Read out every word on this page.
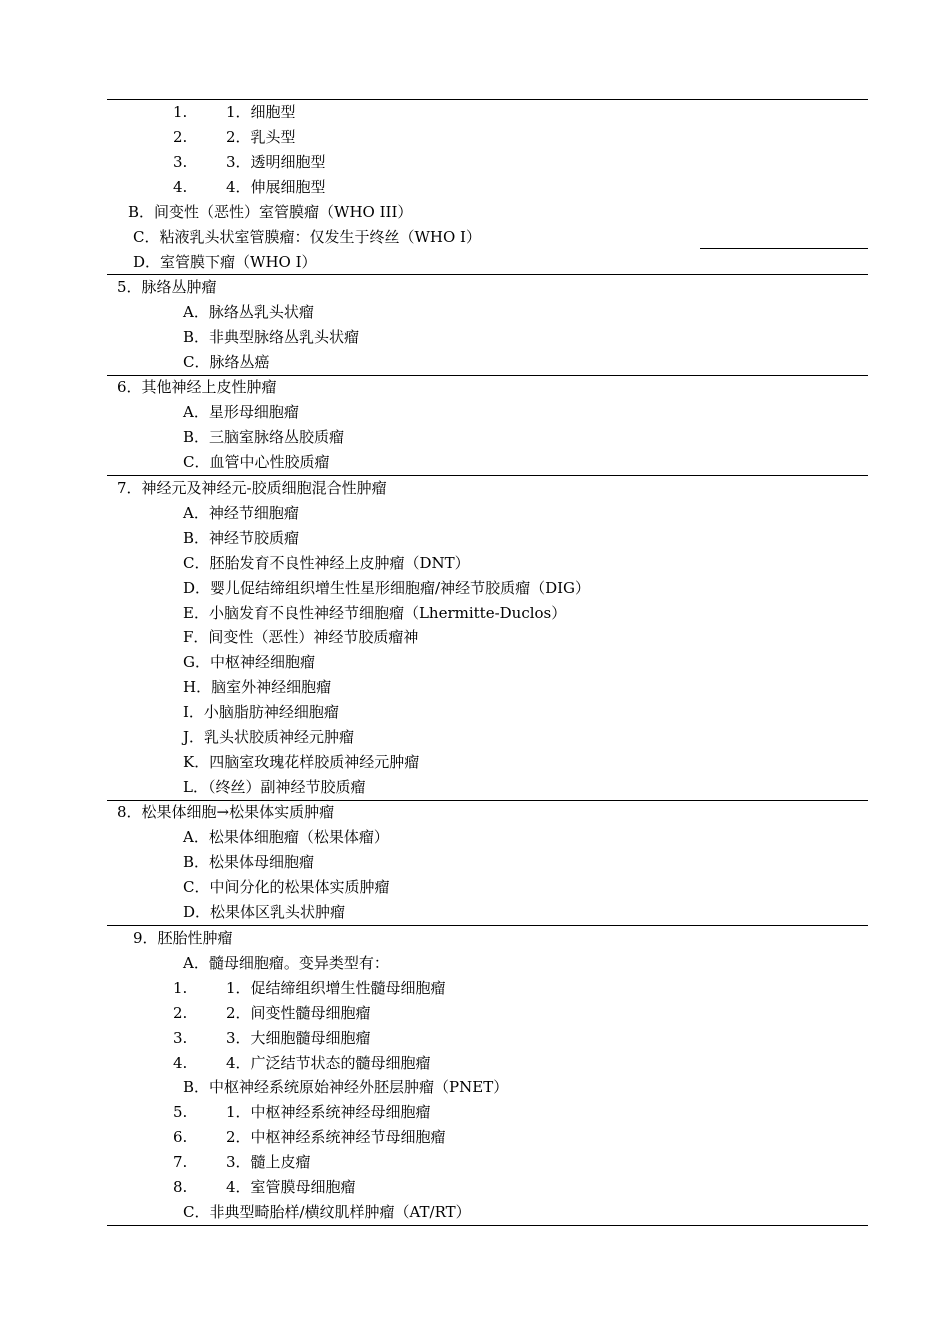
1.	1．细胞型
2.	2．乳头型
3.	3．透明细胞型
4.	4．伸展细胞型
B．间变性（恶性）室管膜瘤（WHO III）
C．粘液乳头状室管膜瘤：仅发生于终丝（WHO I）
D．室管膜下瘤（WHO I）
5．脉络丛肿瘤
A．脉络丛乳头状瘤
B．非典型脉络丛乳头状瘤
C．脉络丛癌
6．其他神经上皮性肿瘤
A．星形母细胞瘤
B．三脑室脉络丛胶质瘤
C．血管中心性胶质瘤
7．神经元及神经元-胶质细胞混合性肿瘤
A．神经节细胞瘤
B．神经节胶质瘤
C．胚胎发育不良性神经上皮肿瘤（DNT）
D．婴儿促结缔组织增生性星形细胞瘤/神经节胶质瘤（DIG）
E．小脑发育不良性神经节细胞瘤（Lhermitte-Duclos）
F．间变性（恶性）神经节胶质瘤神
G．中枢神经细胞瘤
H．脑室外神经细胞瘤
I．小脑脂肪神经细胞瘤
J．乳头状胶质神经元肿瘤
K．四脑室玫瑰花样胶质神经元肿瘤
L．（终丝）副神经节胶质瘤
8．松果体细胞→松果体实质肿瘤
A．松果体细胞瘤（松果体瘤）
B．松果体母细胞瘤
C．中间分化的松果体实质肿瘤
D．松果体区乳头状肿瘤
9．胚胎性肿瘤
A．髓母细胞瘤。变异类型有：
1.	1．促结缔组织增生性髓母细胞瘤
2.	2．间变性髓母细胞瘤
3.	3．大细胞髓母细胞瘤
4.	4．广泛结节状态的髓母细胞瘤
B．中枢神经系统原始神经外胚层肿瘤（PNET）
5.	1．中枢神经系统神经母细胞瘤
6.	2．中枢神经系统神经节母细胞瘤
7.	3．髓上皮瘤
8.	4．室管膜母细胞瘤
C．非典型畸胎样/横纹肌样肿瘤（AT/RT）
